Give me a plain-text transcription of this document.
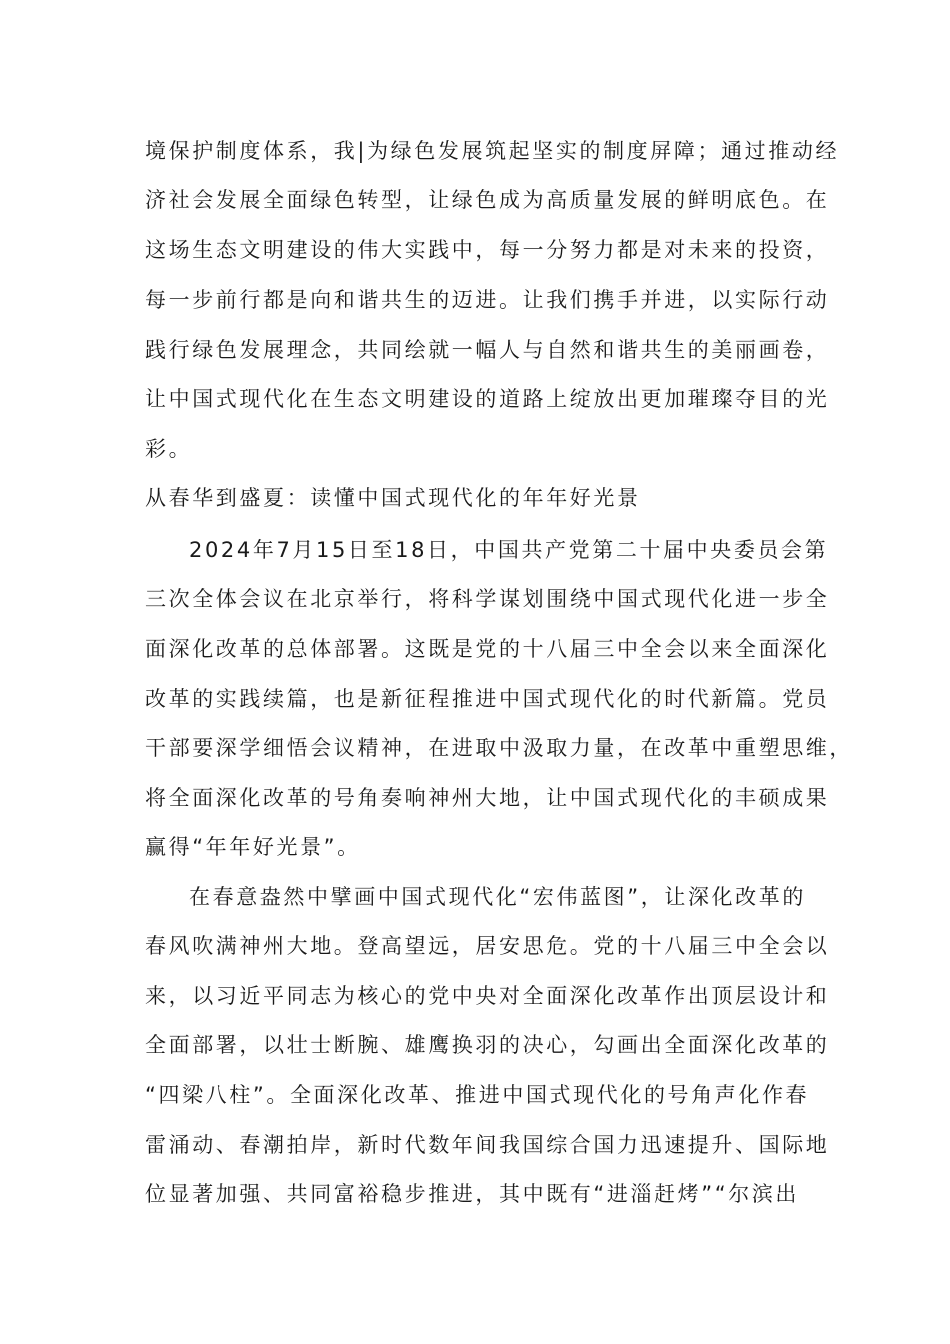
境保护制度体系，我|为绿色发展筑起坚实的制度屏障；通过推动经
济社会发展全面绿色转型，让绿色成为高质量发展的鲜明底色。在
这场生态文明建设的伟大实践中，每一分努力都是对未来的投资，
每一步前行都是向和谐共生的迈进。让我们携手并进，以实际行动
践行绿色发展理念，共同绘就一幅人与自然和谐共生的美丽画卷，
让中国式现代化在生态文明建设的道路上绽放出更加璀璨夺目的光
彩。
从春华到盛夏：读懂中国式现代化的年年好光景
2024年7月15日至18日，中国共产党第二十届中央委员会第
三次全体会议在北京举行，将科学谋划围绕中国式现代化进一步全
面深化改革的总体部署。这既是党的十八届三中全会以来全面深化
改革的实践续篇，也是新征程推进中国式现代化的时代新篇。党员
干部要深学细悟会议精神，在进取中汲取力量，在改革中重塑思维，
将全面深化改革的号角奏响神州大地，让中国式现代化的丰硕成果
赢得“年年好光景”。
在春意盎然中擘画中国式现代化“宏伟蓝图”，让深化改革的
春风吹满神州大地。登高望远，居安思危。党的十八届三中全会以
来，以习近平同志为核心的党中央对全面深化改革作出顶层设计和
全面部署，以壮士断腕、雄鹰换羽的决心，勾画出全面深化改革的
“四梁八柱”。全面深化改革、推进中国式现代化的号角声化作春
雷涌动、春潮拍岸，新时代数年间我国综合国力迅速提升、国际地
位显著加强、共同富裕稳步推进，其中既有“进淄赶烤”“尔滨出
